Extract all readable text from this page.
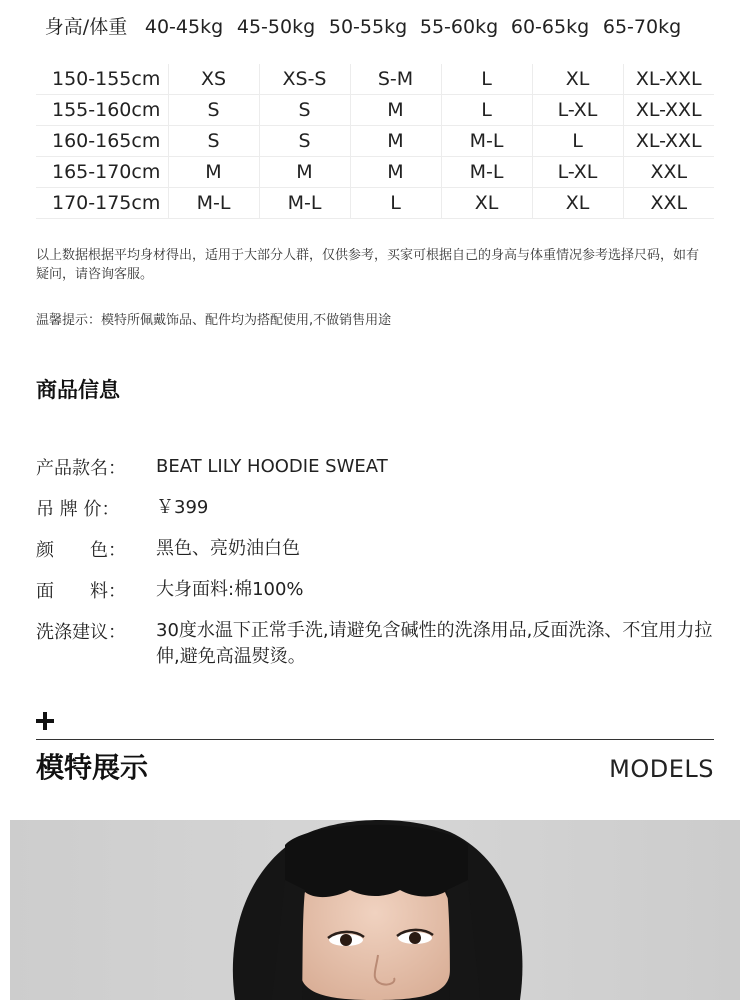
身高/体重 40-45kg 45-50kg 50-55kg 55-60kg 60-65kg 65-70kg
150-155cm	XS	XS-S	S-M	L	XL	XL-XXL
155-160cm	S	S	M	L	L-XL	XL-XXL
160-165cm	S	S	M	M-L	L	XL-XXL
165-170cm	M	M	M	M-L	L-XL	XXL
170-175cm	M-L	M-L	L	XL	XL	XXL
以上数据根据平均身材得出，适用于大部分人群，仅供参考，买家可根据自己的身高与体重情况参考选择尺码，如有疑问，请咨询客服。
温馨提示：模特所佩戴饰品、配件均为搭配使用,不做销售用途
商品信息
产品款名：	BEAT LILY HOODIE SWEAT
吊 牌 价：	￥399
颜　　色：	黑色、亮奶油白色
面　　料：	大身面料:棉100%
洗涤建议：	30度水温下正常手洗,请避免含碱性的洗涤用品,反面洗涤、不宜用力拉伸,避免高温熨烫。
模特展示	MODELS
